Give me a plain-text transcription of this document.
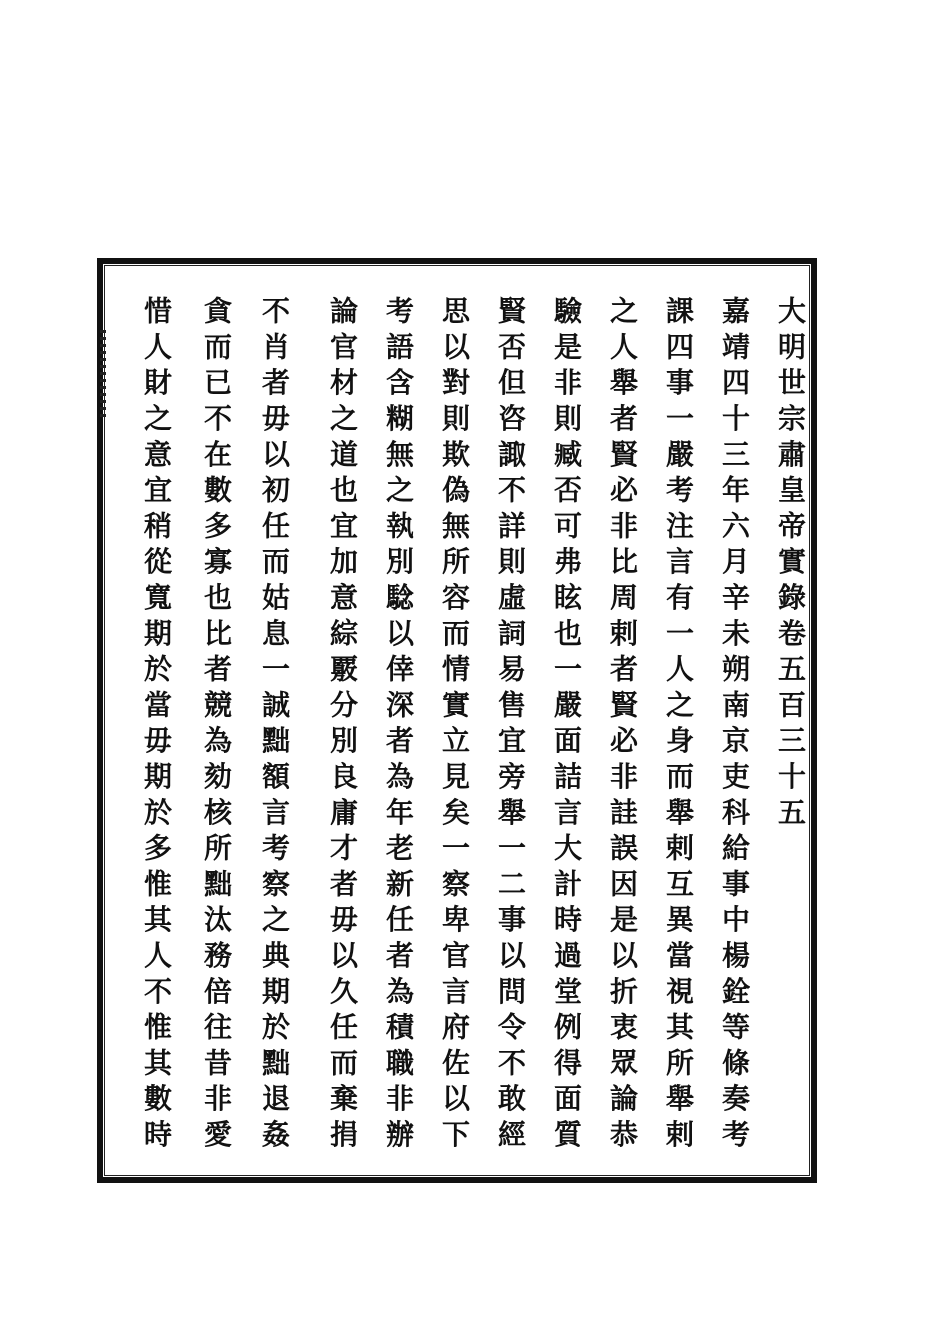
大明世宗肅皇帝實錄卷五百三十五

嘉靖四十三年六月辛未朔南京吏科給事中楊銓等條奏考

課四事一嚴考注言有一人之身而舉剌互異當視其所舉剌

之人舉者賢必非比周剌者賢必非詿誤因是以折衷眾論恭

驗是非則臧否可弗眩也一嚴面詰言大計時過堂例得面質

賢否但咨諏不詳則虛詞易售宜旁舉一二事以問令不敢經

思以對則欺偽無所容而情實立見矣一察卑官言府佐以下

考語含糊無之執別騐以倖深者為年老新任者為積職非辦

論官材之道也宜加意綜覈分別良庸才者毋以久任而棄捐

不肖者毋以初任而姑息一誠黜額言考察之典期於黜退姦

貪而已不在數多寡也比者競為劾核所黜汰務倍往昔非愛

惜人財之意宜稍從寬期於當毋期於多惟其人不惟其數時
